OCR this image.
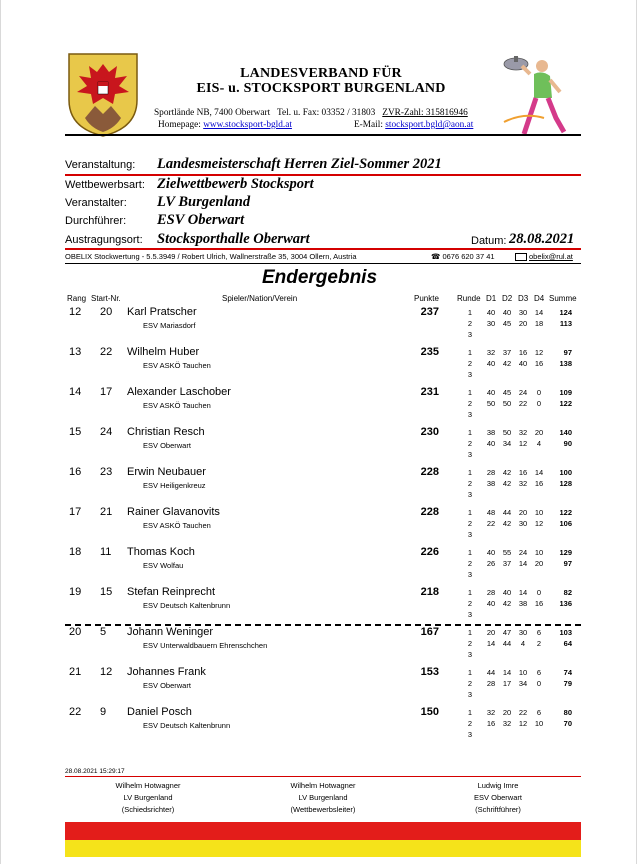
LANDESVERBAND FÜR
EIS- u. STOCKSPORT BURGENLAND
Sportlände NB, 7400 Oberwart Tel. u. Fax: 03352 / 31803 ZVR-Zahl: 315816946
Homepage: www.stocksport-bgld.at	E-Mail: stocksport.bgld@aon.at
Veranstaltung: Landesmeisterschaft Herren Ziel-Sommer 2021
Wettbewerbsart: Zielwettbewerb Stocksport
Veranstalter: LV Burgenland
Durchführer: ESV Oberwart
Austragungsort: Stocksporthalle Oberwart	Datum: 28.08.2021
OBELIX Stockwertung - 5.5.3949 / Robert Ulrich, Wallnerstraße 35, 3004 Ollern, Austria	☎ 0676 620 37 41	obelix@rul.at
Endergebnis
Rang Start-Nr.	Spieler/Nation/Verein	Punkte Runde D1 D2 D3 D4 Summe
12 20 Karl Pratscher
ESV Mariasdorf
237	1 40 40 30 14	124
2 30 45 20 18	113
3
13 22 Wilhelm Huber
ESV ASKÖ Tauchen
235	1 32 37 16 12	97
2 40 42 40 16	138
3
14 17 Alexander Laschober
ESV ASKÖ Tauchen
231	1 40 45 24	0	109
2 50 50 22	0	122
3
15 24 Christian Resch
ESV Oberwart
230	1 38 50 32 20	140
2 40 34 12	4	90
3
16 23 Erwin Neubauer
ESV Heiligenkreuz
228	1 28 42 16 14	100
2 38 42 32 16	128
3
17 21 Rainer Glavanovits
ESV ASKÖ Tauchen
228	1 48 44 20 10	122
2 22 42 30 12	106
3
18 11 Thomas Koch
ESV Wolfau
226	1 40 55 24 10	129
2 26 37 14 20	97
3
19 15 Stefan Reinprecht
ESV Deutsch Kaltenbrunn
218	1 28 40 14	0	82
2 40 42 38 16	136
3
20 5 Johann Weninger
ESV Unterwaldbauern Ehrenschchen
167	1 20 47 30	6	103
2 14 44	4	2	64
3
21 12 Johannes Frank
ESV Oberwart
153	1 44 14 10	6	74
2 28 17 34	0	79
3
22 9 Daniel Posch
ESV Deutsch Kaltenbrunn
150	1 32 20 22	6	80
2 16 32 12 10	70
3
28.08.2021 15:29:17
Wilhelm Hotwagner
LV Burgenland
(Schiedsrichter)
Wilhelm Hotwagner
LV Burgenland
(Wettbewerbsleiter)
Ludwig Imre
ESV Oberwart
(Schriftführer)
